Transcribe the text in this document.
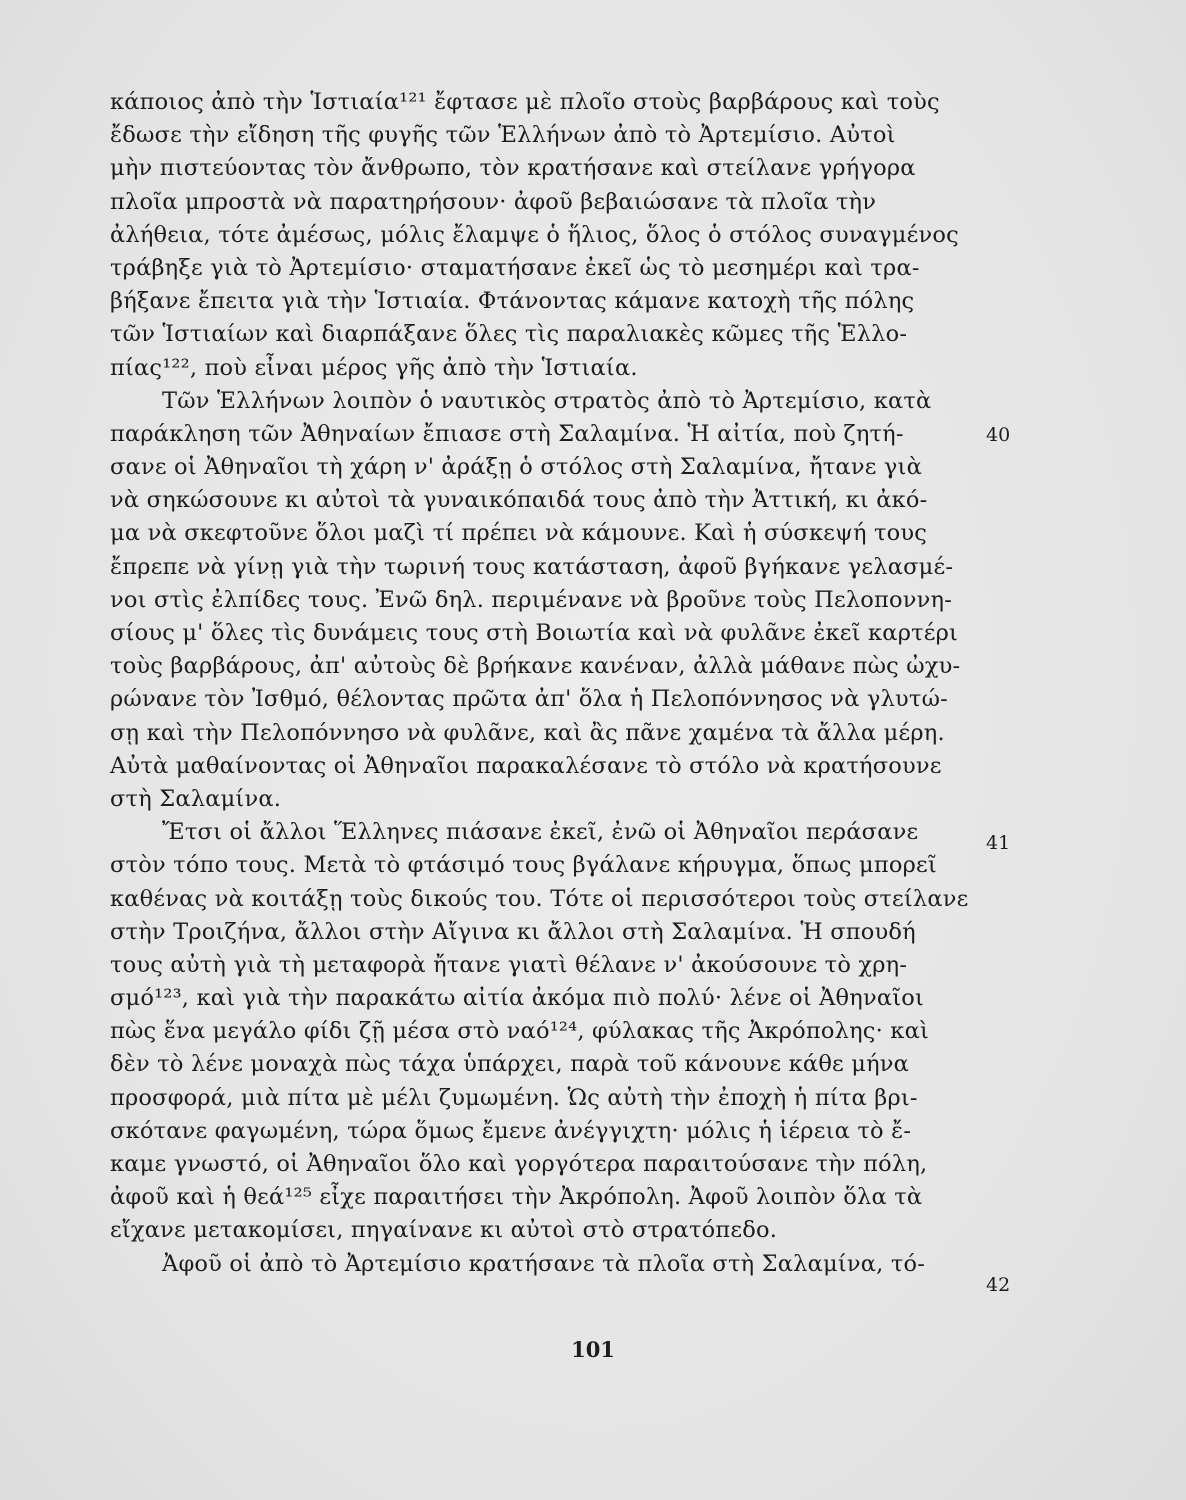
κάποιος ἀπὸ τὴν Ἱστιαία¹²¹ ἔφτασε μὲ πλοῖο στοὺς βαρβάρους καὶ τοὺς
ἔδωσε τὴν εἴδηση τῆς φυγῆς τῶν Ἑλλήνων ἀπὸ τὸ Ἀρτεμίσιο. Αὐτοὶ
μὴν πιστεύοντας τὸν ἄνθρωπο, τὸν κρατήσανε καὶ στείλανε γρήγορα
πλοῖα μπροστὰ νὰ παρατηρήσουν· ἀφοῦ βεβαιώσανε τὰ πλοῖα τὴν
ἀλήθεια, τότε ἀμέσως, μόλις ἔλαμψε ὁ ἥλιος, ὅλος ὁ στόλος συναγμένος
τράβηξε γιὰ τὸ Ἀρτεμίσιο· σταματήσανε ἐκεῖ ὡς τὸ μεσημέρι καὶ τρα-
βήξανε ἔπειτα γιὰ τὴν Ἱστιαία. Φτάνοντας κάμανε κατοχὴ τῆς πόλης
τῶν Ἱστιαίων καὶ διαρπάξανε ὅλες τὶς παραλιακὲς κῶμες τῆς Ἑλλο-
πίας¹²², ποὺ εἶναι μέρος γῆς ἀπὸ τὴν Ἱστιαία.
Τῶν Ἑλλήνων λοιπὸν ὁ ναυτικὸς στρατὸς ἀπὸ τὸ Ἀρτεμίσιο, κατὰ
παράκληση τῶν Ἀθηναίων ἔπιασε στὴ Σαλαμίνα. Ἡ αἰτία, ποὺ ζητή-
σανε οἱ Ἀθηναῖοι τὴ χάρη ν' ἀράξῃ ὁ στόλος στὴ Σαλαμίνα, ἤτανε γιὰ
νὰ σηκώσουνε κι αὐτοὶ τὰ γυναικόπαιδά τους ἀπὸ τὴν Ἀττική, κι ἀκό-
μα νὰ σκεφτοῦνε ὅλοι μαζὶ τί πρέπει νὰ κάμουνε. Καὶ ἡ σύσκεψή τους
ἔπρεπε νὰ γίνῃ γιὰ τὴν τωρινή τους κατάσταση, ἀφοῦ βγήκανε γελασμέ-
νοι στὶς ἐλπίδες τους. Ἐνῶ δηλ. περιμένανε νὰ βροῦνε τοὺς Πελοποννη-
σίους μ' ὅλες τὶς δυνάμεις τους στὴ Βοιωτία καὶ νὰ φυλᾶνε ἐκεῖ καρτέρι
τοὺς βαρβάρους, ἀπ' αὐτοὺς δὲ βρήκανε κανέναν, ἀλλὰ μάθανε πὼς ὠχυ-
ρώνανε τὸν Ἰσθμό, θέλοντας πρῶτα ἀπ' ὅλα ἡ Πελοπόννησος νὰ γλυτώ-
σῃ καὶ τὴν Πελοπόννησο νὰ φυλᾶνε, καὶ ἂς πᾶνε χαμένα τὰ ἄλλα μέρη.
Αὐτὰ μαθαίνοντας οἱ Ἀθηναῖοι παρακαλέσανε τὸ στόλο νὰ κρατήσουνε
στὴ Σαλαμίνα.
Ἔτσι οἱ ἄλλοι Ἕλληνες πιάσανε ἐκεῖ, ἐνῶ οἱ Ἀθηναῖοι περάσανε
στὸν τόπο τους. Μετὰ τὸ φτάσιμό τους βγάλανε κήρυγμα, ὅπως μπορεῖ
καθένας νὰ κοιτάξῃ τοὺς δικούς του. Τότε οἱ περισσότεροι τοὺς στείλανε
στὴν Τροιζήνα, ἄλλοι στὴν Αἴγινα κι ἄλλοι στὴ Σαλαμίνα. Ἡ σπουδή
τους αὐτὴ γιὰ τὴ μεταφορὰ ἤτανε γιατὶ θέλανε ν' ἀκούσουνε τὸ χρη-
σμό¹²³, καὶ γιὰ τὴν παρακάτω αἰτία ἀκόμα πιὸ πολύ· λένε οἱ Ἀθηναῖοι
πὼς ἕνα μεγάλο φίδι ζῇ μέσα στὸ ναό¹²⁴, φύλακας τῆς Ἀκρόπολης· καὶ
δὲν τὸ λένε μοναχὰ πὼς τάχα ὑπάρχει, παρὰ τοῦ κάνουνε κάθε μήνα
προσφορά, μιὰ πίτα μὲ μέλι ζυμωμένη. Ὡς αὐτὴ τὴν ἐποχὴ ἡ πίτα βρι-
σκότανε φαγωμένη, τώρα ὅμως ἔμενε ἀνέγγιχτη· μόλις ἡ ἱέρεια τὸ ἔ-
καμε γνωστό, οἱ Ἀθηναῖοι ὅλο καὶ γοργότερα παραιτούσανε τὴν πόλη,
ἀφοῦ καὶ ἡ θεά¹²⁵ εἶχε παραιτήσει τὴν Ἀκρόπολη. Ἀφοῦ λοιπὸν ὅλα τὰ
εἴχανε μετακομίσει, πηγαίνανε κι αὐτοὶ στὸ στρατόπεδο.
Ἀφοῦ οἱ ἀπὸ τὸ Ἀρτεμίσιο κρατήσανε τὰ πλοῖα στὴ Σαλαμίνα, τό-
40
41
42
101
